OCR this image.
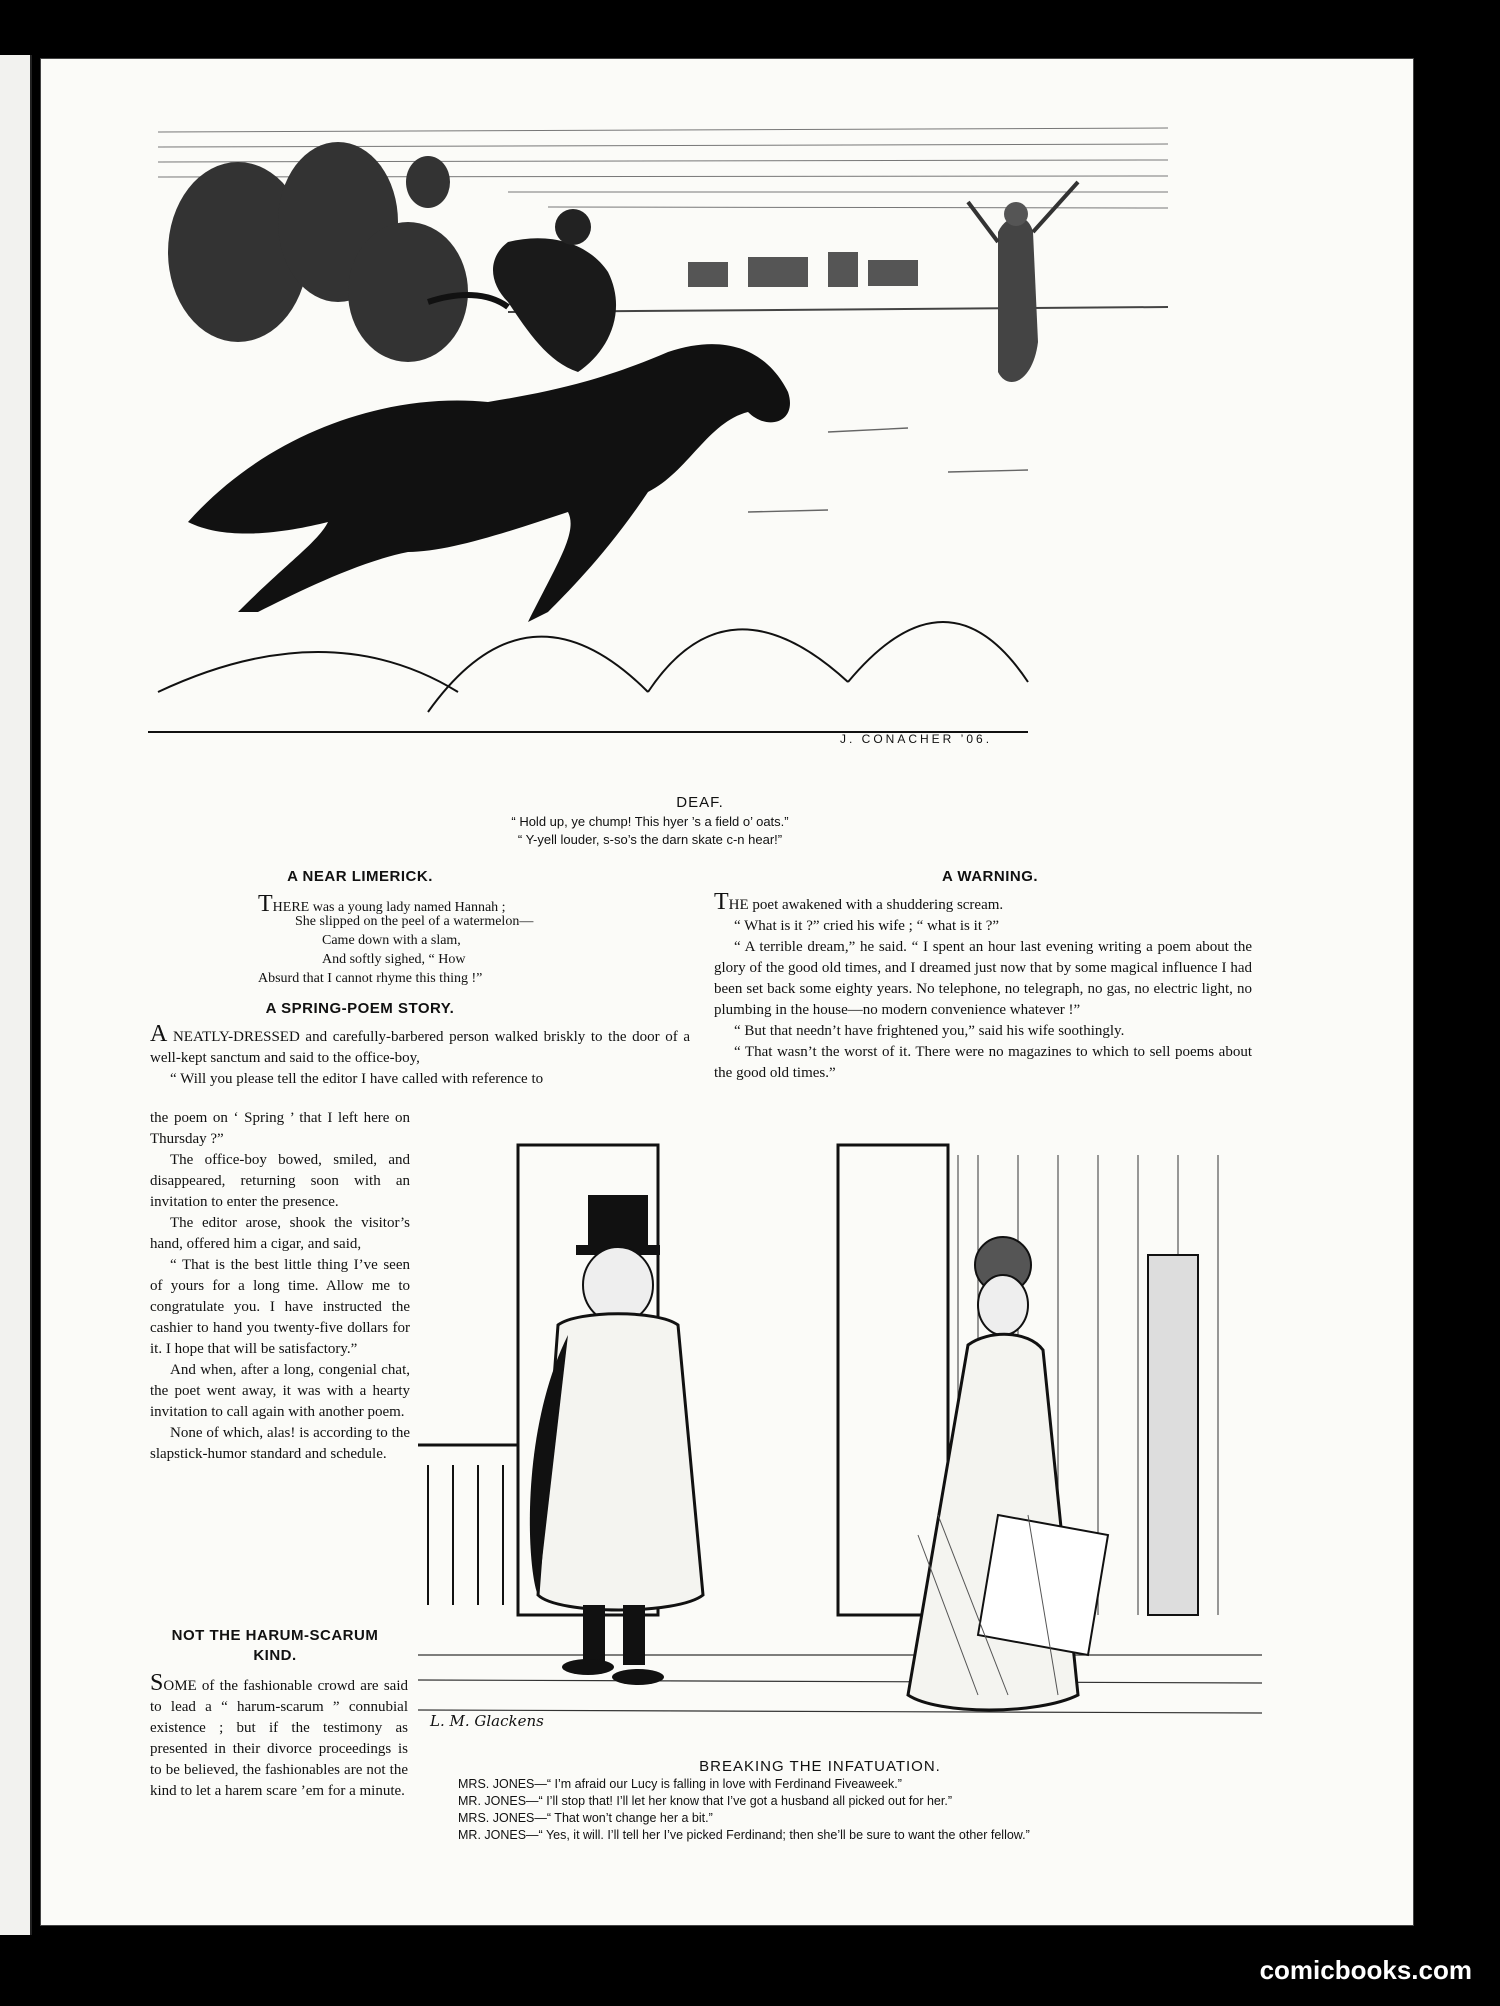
J. CONACHER ’06.
DEAF.
“ Hold up, ye chump! This hyer ’s a field o’ oats.”
“ Y-yell louder, s-so’s the darn skate c-n hear!”
A NEAR LIMERICK.
THERE was a young lady named Hannah ;
She slipped on the peel of a watermelon—
Came down with a slam,
And softly sighed, “ How
Absurd that I cannot rhyme this thing !”
A SPRING-POEM STORY.

A NEATLY-DRESSED and carefully-barbered person walked briskly to the door of a well-kept sanctum and said to the office-boy,

“ Will you please tell the editor I have called with reference to

the poem on ‘ Spring ’ that I left here on Thursday ?”

The office-boy bowed, smiled, and disappeared, returning soon with an invitation to enter the presence.

The editor arose, shook the visitor’s hand, offered him a cigar, and said,

“ That is the best little thing I’ve seen of yours for a long time. Allow me to congratulate you. I have instructed the cashier to hand you twenty-five dollars for it. I hope that will be satisfactory.”

And when, after a long, congenial chat, the poet went away, it was with a hearty invitation to call again with another poem.

None of which, alas! is according to the slapstick-humor standard and schedule.

NOT THE HARUM-SCARUM
KIND.

SOME of the fashionable crowd are said to lead a “ harum-scarum ” connubial existence ; but if the testimony as presented in their divorce proceedings is to be believed, the fashionables are not the kind to let a harem scare ’em for a minute.

A WARNING.

THE poet awakened with a shuddering scream.

“ What is it ?” cried his wife ; “ what is it ?”

“ A terrible dream,” he said. “ I spent an hour last evening writing a poem about the glory of the good old times, and I dreamed just now that by some magical influence I had been set back some eighty years. No telephone, no telegraph, no gas, no electric light, no plumbing in the house—no modern convenience whatever !”

“ But that needn’t have frightened you,” said his wife soothingly.

“ That wasn’t the worst of it. There were no magazines to which to sell poems about the good old times.”

L. M. Glackens
BREAKING THE INFATUATION.
MRS. JONES—“ I’m afraid our Lucy is falling in love with Ferdinand Fiveaweek.”
MR. JONES—“ I’ll stop that! I’ll let her know that I’ve got a husband all picked out for her.”
MRS. JONES—“ That won’t change her a bit.”
MR. JONES—“ Yes, it will. I’ll tell her I’ve picked Ferdinand; then she’ll be sure to want the other fellow.”
comicbooks.com
